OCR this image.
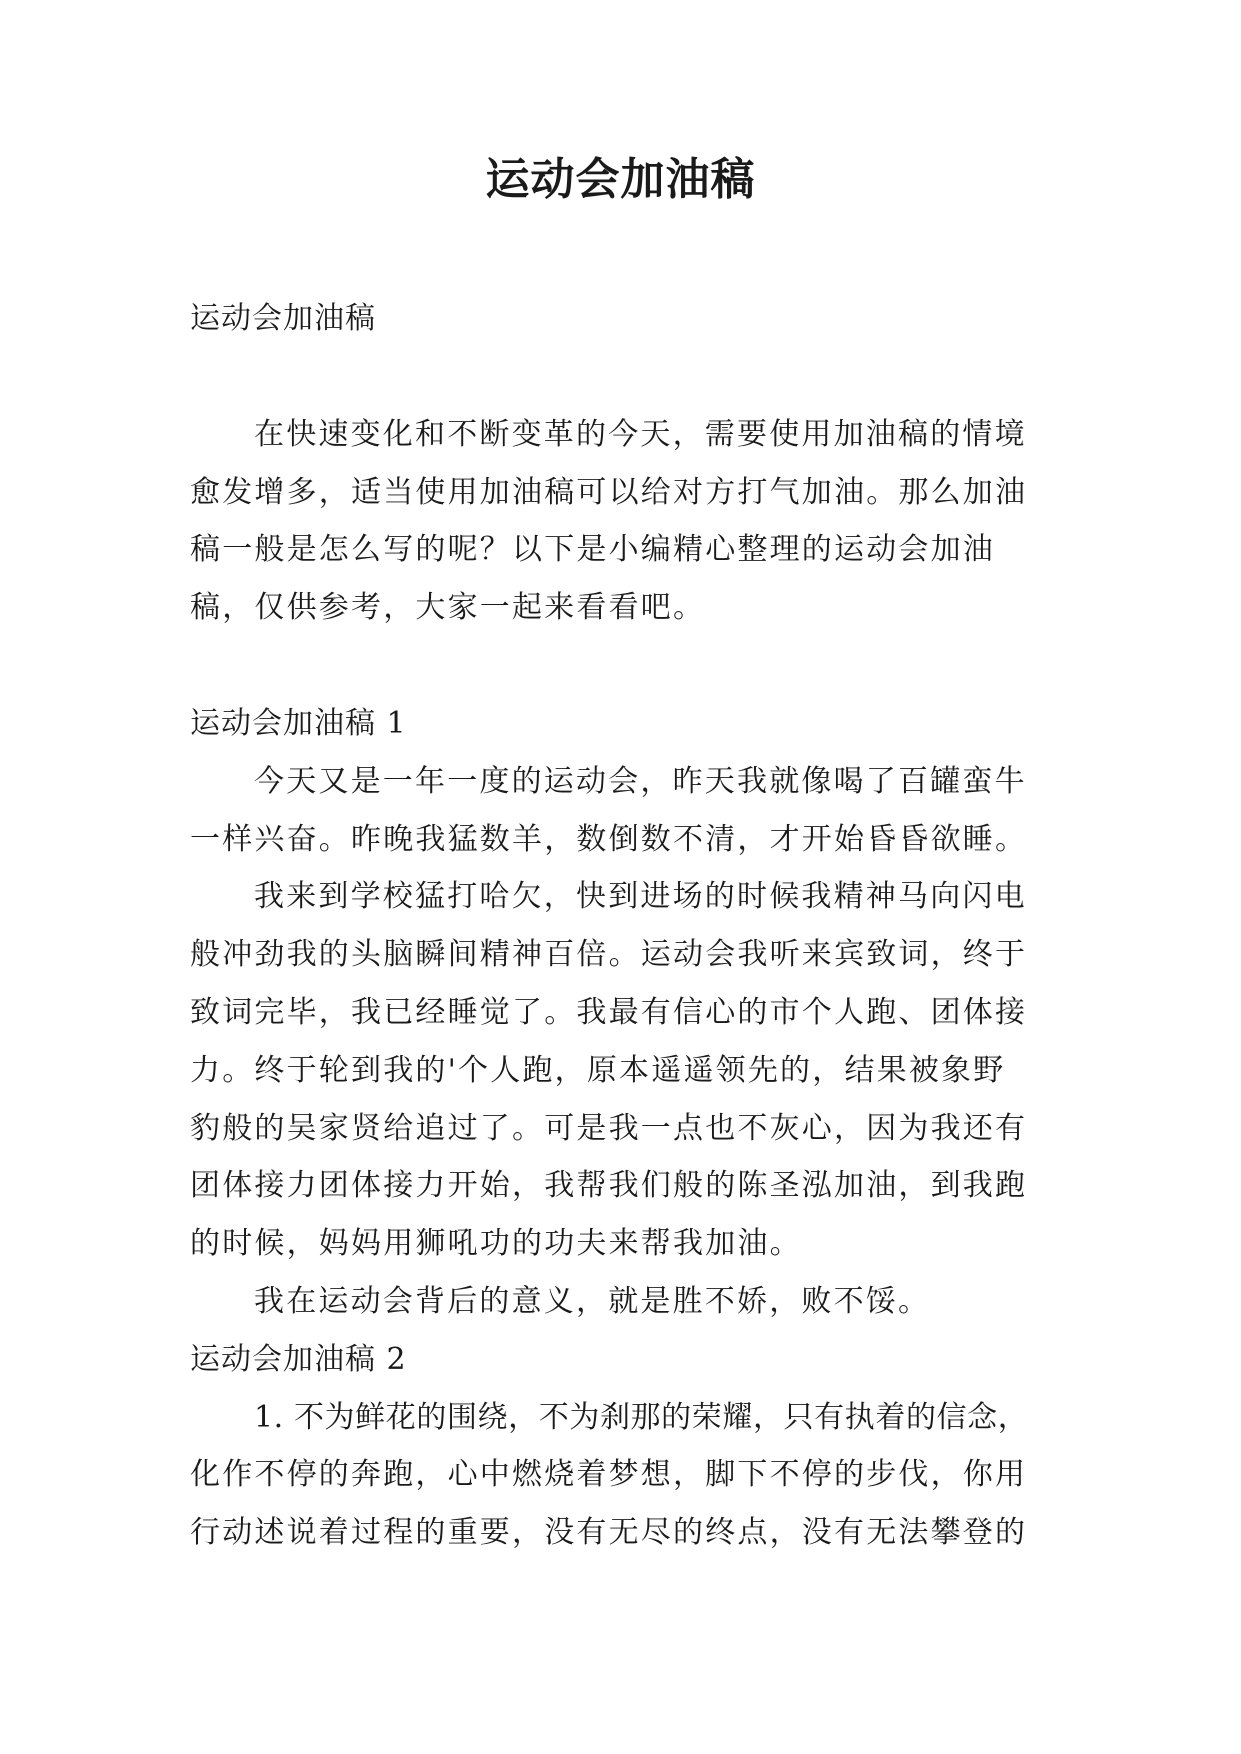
运动会加油稿

运动会加油稿

在快速变化和不断变革的今天，需要使用加油稿的情境

愈发增多，适当使用加油稿可以给对方打气加油。那么加油

稿一般是怎么写的呢？以下是小编精心整理的运动会加油

稿，仅供参考，大家一起来看看吧。

运动会加油稿 1

今天又是一年一度的运动会，昨天我就像喝了百罐蛮牛

一样兴奋。昨晚我猛数羊，数倒数不清，才开始昏昏欲睡。

我来到学校猛打哈欠，快到进场的时候我精神马向闪电

般冲劲我的头脑瞬间精神百倍。运动会我听来宾致词，终于

致词完毕，我已经睡觉了。我最有信心的市个人跑、团体接

力。终于轮到我的'个人跑，原本遥遥领先的，结果被象野

豹般的吴家贤给追过了。可是我一点也不灰心，因为我还有

团体接力团体接力开始，我帮我们般的陈圣泓加油，到我跑

的时候，妈妈用狮吼功的功夫来帮我加油。

我在运动会背后的意义，就是胜不娇，败不馁。

运动会加油稿 2

1. 不为鲜花的围绕，不为刹那的荣耀，只有执着的信念，

化作不停的奔跑，心中燃烧着梦想，脚下不停的步伐，你用

行动述说着过程的重要，没有无尽的终点，没有无法攀登的
